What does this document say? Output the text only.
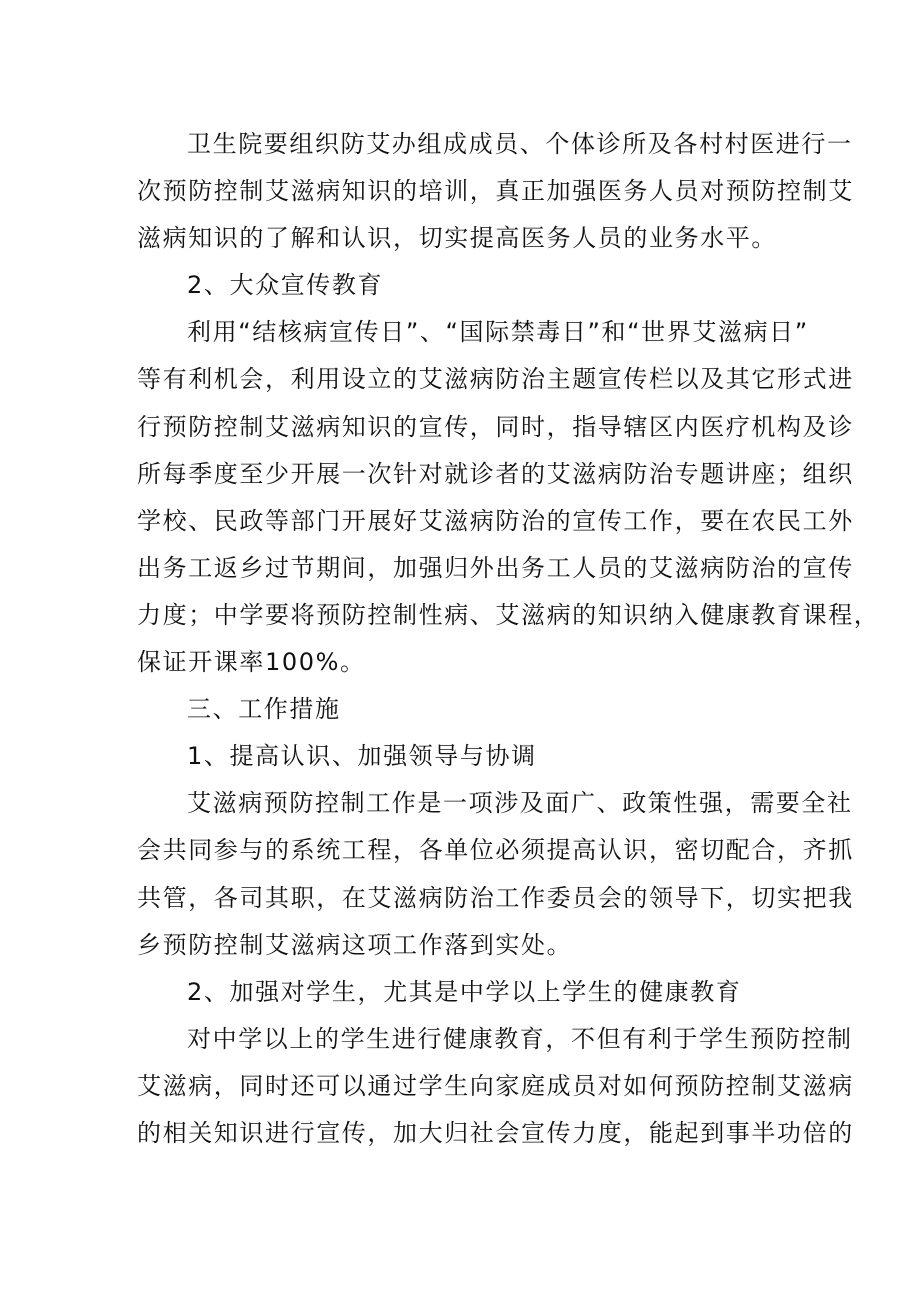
卫生院要组织防艾办组成成员、个体诊所及各村村医进行一
次预防控制艾滋病知识的培训，真正加强医务人员对预防控制艾
滋病知识的了解和认识，切实提高医务人员的业务水平。
2、大众宣传教育
利用“结核病宣传日”、“国际禁毒日”和“世界艾滋病日”
等有利机会，利用设立的艾滋病防治主题宣传栏以及其它形式进
行预防控制艾滋病知识的宣传，同时，指导辖区内医疗机构及诊
所每季度至少开展一次针对就诊者的艾滋病防治专题讲座；组织
学校、民政等部门开展好艾滋病防治的宣传工作，要在农民工外
出务工返乡过节期间，加强归外出务工人员的艾滋病防治的宣传
力度；中学要将预防控制性病、艾滋病的知识纳入健康教育课程，
保证开课率100%。
三、工作措施
1、提高认识、加强领导与协调
艾滋病预防控制工作是一项涉及面广、政策性强，需要全社
会共同参与的系统工程，各单位必须提高认识，密切配合，齐抓
共管，各司其职，在艾滋病防治工作委员会的领导下，切实把我
乡预防控制艾滋病这项工作落到实处。
2、加强对学生，尤其是中学以上学生的健康教育
对中学以上的学生进行健康教育，不但有利于学生预防控制
艾滋病，同时还可以通过学生向家庭成员对如何预防控制艾滋病
的相关知识进行宣传，加大归社会宣传力度，能起到事半功倍的
